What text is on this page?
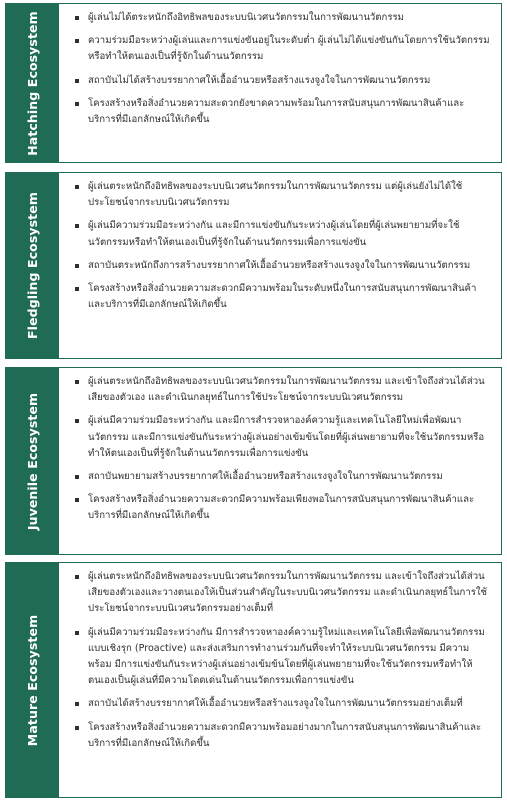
Hatching Ecosystem	ผู้เล่นไม่ได้ตระหนักถึงอิทธิพลของระบบนิเวศนวัตกรรมในการพัฒนานวัตกรรม
ความร่วมมือระหว่างผู้เล่นและการแข่งขันอยู่ในระดับต่ำ ผู้เล่นไม่ได้แข่งขันกันโดยการใช้นวัตกรรมหรือทำให้ตนเองเป็นที่รู้จักในด้านนวัตกรรม
สถาบันไม่ได้สร้างบรรยากาศให้เอื้ออำนวยหรือสร้างแรงจูงใจในการพัฒนานวัตกรรม
โครงสร้างหรือสิ่งอำนวยความสะดวกยังขาดความพร้อมในการสนับสนุนการพัฒนาสินค้าและบริการที่มีเอกลักษณ์ให้เกิดขึ้น
Fledgling Ecosystem
ผู้เล่นตระหนักถึงอิทธิพลของระบบนิเวศนวัตกรรมในการพัฒนานวัตกรรม แต่ผู้เล่นยังไม่ได้ใช้ประโยชน์จากระบบนิเวศนวัตกรรม
ผู้เล่นมีความร่วมมือระหว่างกัน และมีการแข่งขันกันระหว่างผู้เล่นโดยที่ผู้เล่นพยายามที่จะใช้นวัตกรรมหรือทำให้ตนเองเป็นที่รู้จักในด้านนวัตกรรมเพื่อการแข่งขัน
สถาบันตระหนักถึงการสร้างบรรยากาศให้เอื้ออำนวยหรือสร้างแรงจูงใจในการพัฒนานวัตกรรม
โครงสร้างหรือสิ่งอำนวยความสะดวกมีความพร้อมในระดับหนึ่งในการสนับสนุนการพัฒนาสินค้าและบริการที่มีเอกลักษณ์ให้เกิดขึ้น
Juvenile Ecosystem
ผู้เล่นตระหนักถึงอิทธิพลของระบบนิเวศนวัตกรรมในการพัฒนานวัตกรรม และเข้าใจถึงส่วนได้ส่วนเสียของตัวเอง และดำเนินกลยุทธ์ในการใช้ประโยชน์จากระบบนิเวศนวัตกรรม
ผู้เล่นมีความร่วมมือระหว่างกัน และมีการสำรวจหาองค์ความรู้และเทคโนโลยีใหม่เพื่อพัฒนานวัตกรรม และมีการแข่งขันกันระหว่างผู้เล่นอย่างเข้มข้นโดยที่ผู้เล่นพยายามที่จะใช้นวัตกรรมหรือทำให้ตนเองเป็นที่รู้จักในด้านนวัตกรรมเพื่อการแข่งขัน
สถาบันพยายามสร้างบรรยากาศให้เอื้ออำนวยหรือสร้างแรงจูงใจในการพัฒนานวัตกรรม
โครงสร้างหรือสิ่งอำนวยความสะดวกมีความพร้อมเพียงพอในการสนับสนุนการพัฒนาสินค้าและบริการที่มีเอกลักษณ์ให้เกิดขึ้น
Mature Ecosystem
ผู้เล่นตระหนักถึงอิทธิพลของระบบนิเวศนวัตกรรมในการพัฒนานวัตกรรม และเข้าใจถึงส่วนได้ส่วนเสียของตัวเองและวางตนเองให้เป็นส่วนสำคัญในระบบนิเวศนวัตกรรม และดำเนินกลยุทธ์ในการใช้ประโยชน์จากระบบนิเวศนวัตกรรมอย่างเต็มที่
ผู้เล่นมีความร่วมมือระหว่างกัน มีการสำรวจหาองค์ความรู้ใหม่และเทคโนโลยีเพื่อพัฒนานวัตกรรมแบบเชิงรุก (Proactive) และส่งเสริมการทำงานร่วมกันที่จะทำให้ระบบนิเวศนวัตกรรม มีความพร้อม มีการแข่งขันกันระหว่างผู้เล่นอย่างเข้มข้นโดยที่ผู้เล่นพยายามที่จะใช้นวัตกรรมหรือทำให้ตนเองเป็นผู้เล่นที่มีความโดดเด่นในด้านนวัตกรรมเพื่อการแข่งขัน
สถาบันได้สร้างบรรยากาศให้เอื้ออำนวยหรือสร้างแรงจูงใจในการพัฒนานวัตกรรมอย่างเต็มที่
โครงสร้างหรือสิ่งอำนวยความสะดวกมีความพร้อมอย่างมากในการสนับสนุนการพัฒนาสินค้าและบริการที่มีเอกลักษณ์ให้เกิดขึ้น
